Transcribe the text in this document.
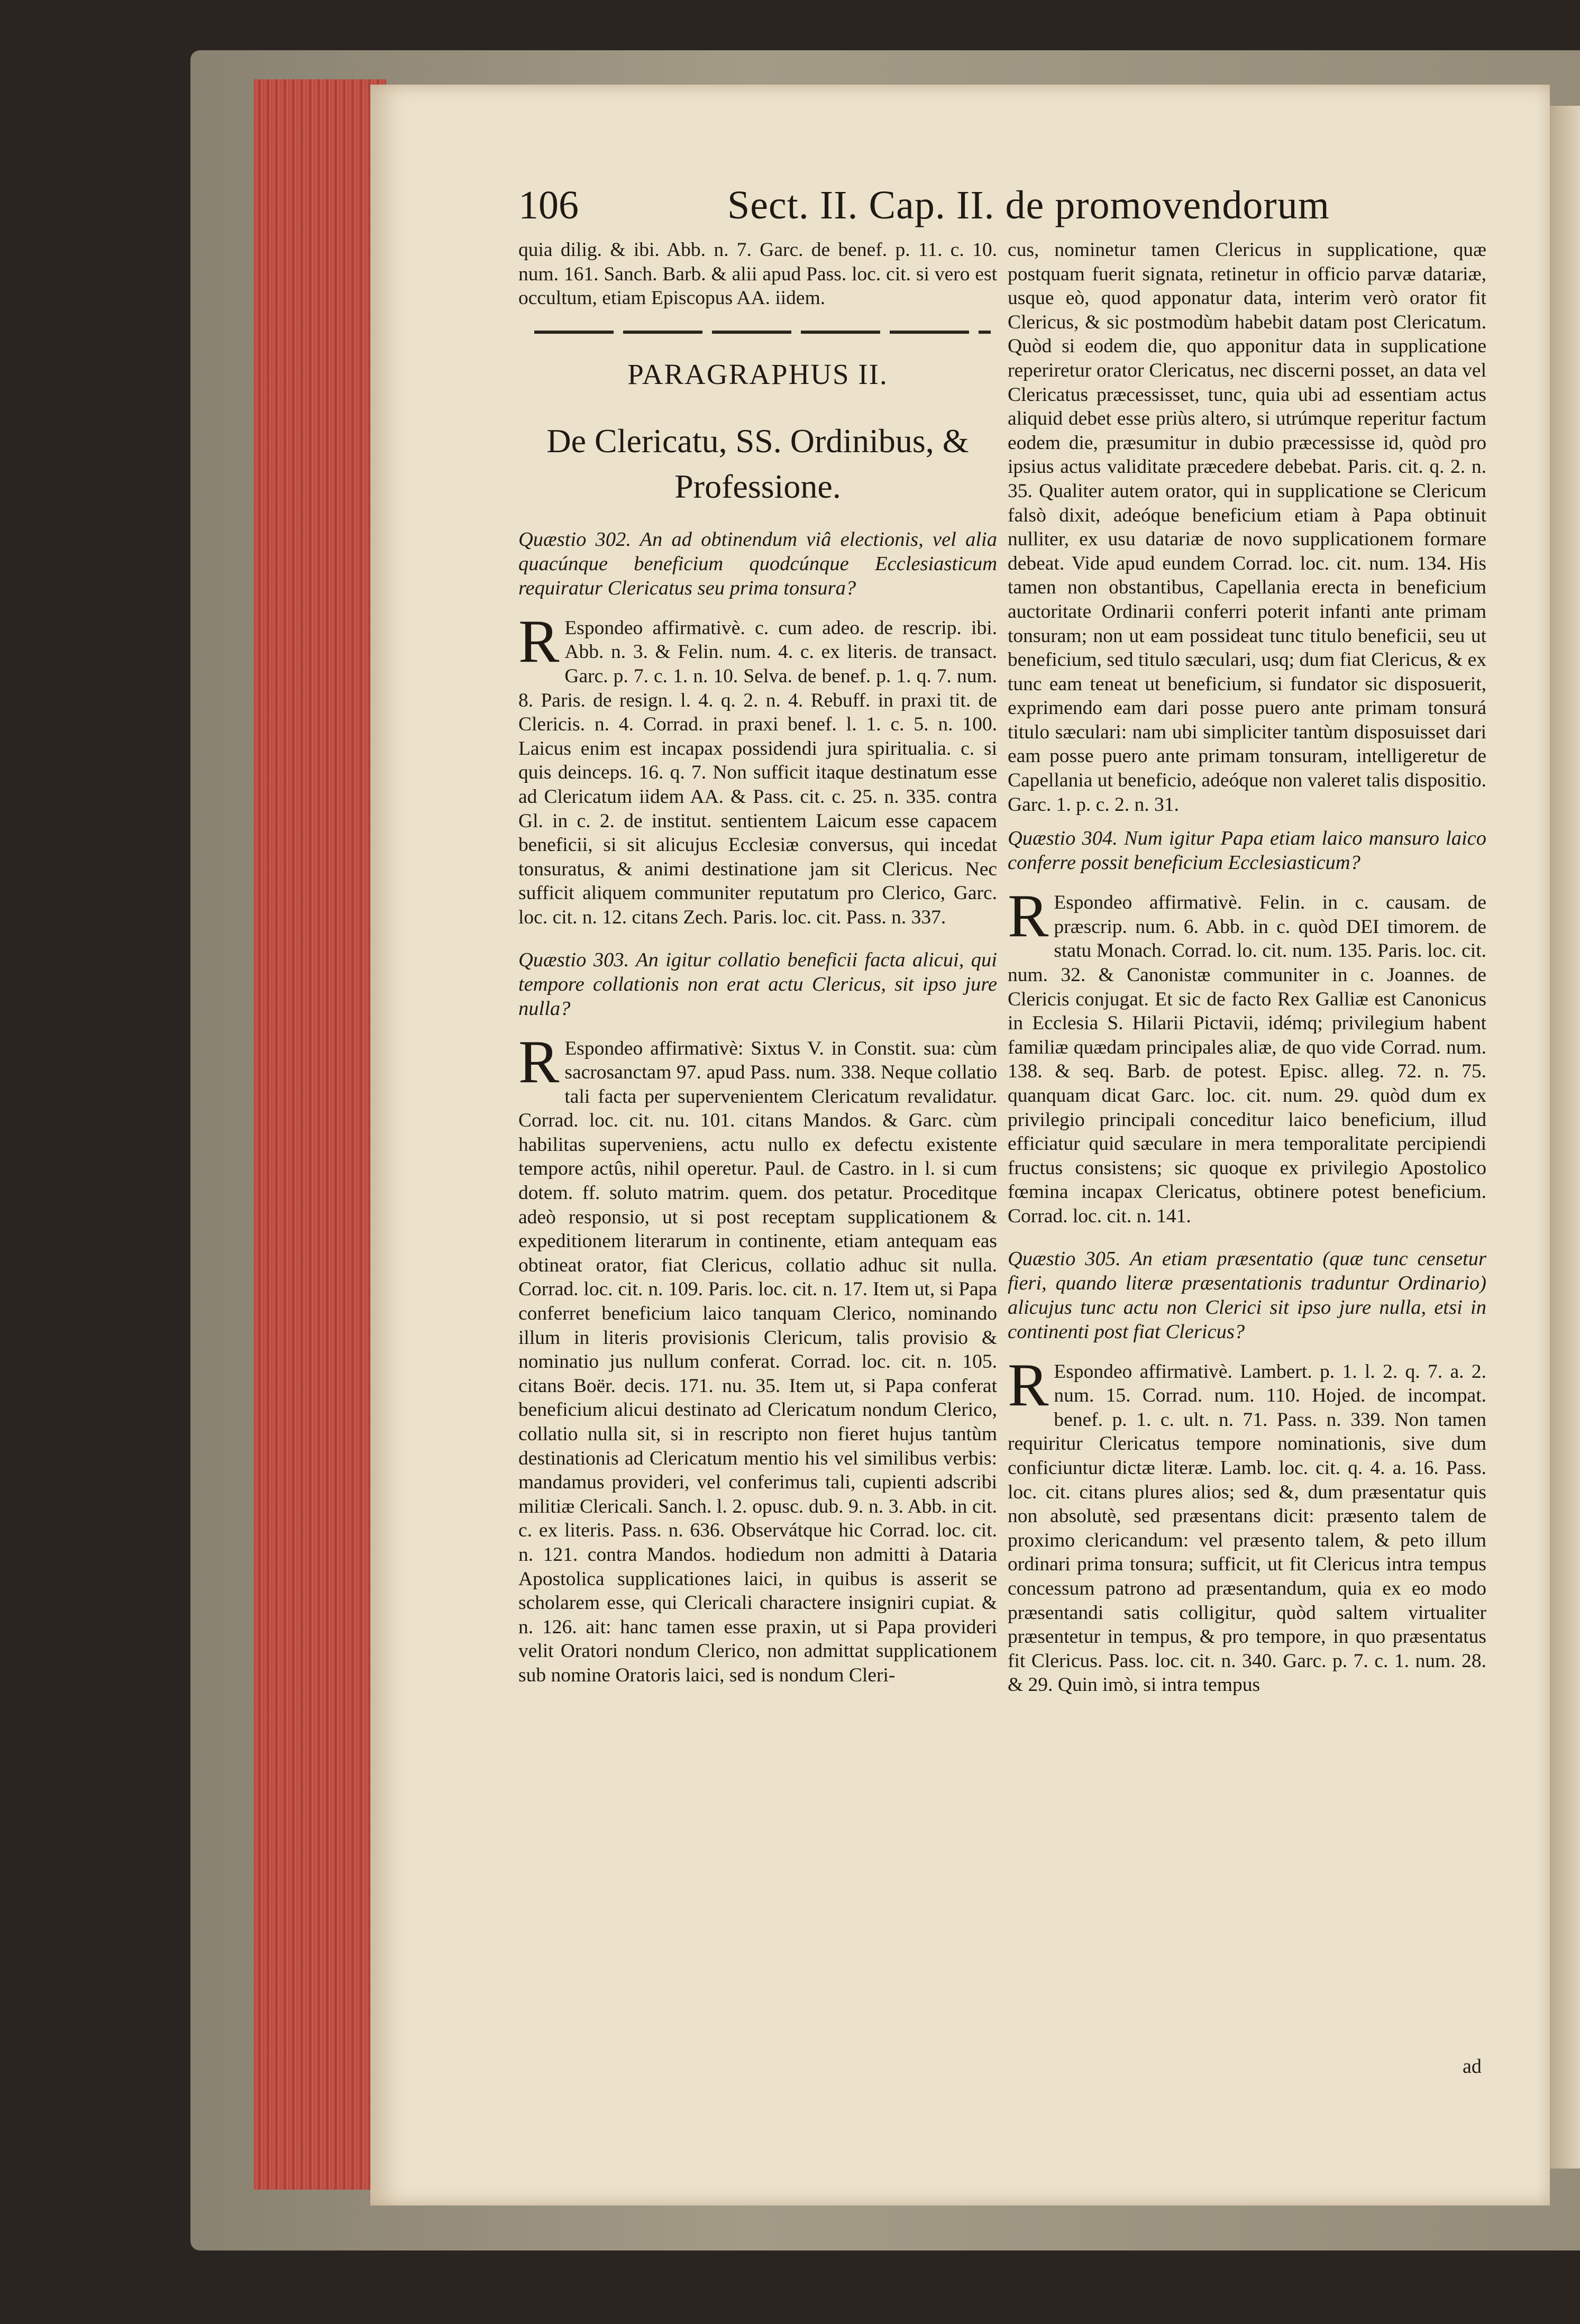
106	Sect. II. Cap. II. de promovendorum

quia dilig. & ibi. Abb. n. 7. Garc. de benef. p. 11. c. 10. num. 161. Sanch. Barb. & alii apud Pass. loc. cit. si vero est occultum, etiam Episcopus AA. iidem.

PARAGRAPHUS II.
De Clericatu, SS. Ordinibus, & Professione.

Quæstio 302. An ad obtinendum viâ electionis, vel alia quacúnque beneficium quodcúnque Ecclesiasticum requiratur Clericatus seu prima tonsura?

R Espondeo affirmativè. c. cum adeo. de rescrip. ibi. Abb. n. 3. & Felin. num. 4. c. ex literis. de transact. Garc. p. 7. c. 1. n. 10. Selva. de benef. p. 1. q. 7. num. 8. Paris. de resign. l. 4. q. 2. n. 4. Rebuff. in praxi tit. de Clericis. n. 4. Corrad. in praxi benef. l. 1. c. 5. n. 100. Laicus enim est incapax possidendi jura spiritualia. c. si quis deinceps. 16. q. 7. Non sufficit itaque destinatum esse ad Clericatum iidem AA. & Pass. cit. c. 25. n. 335. contra Gl. in c. 2. de institut. sentientem Laicum esse capacem beneficii, si sit alicujus Ecclesiæ conversus, qui incedat tonsuratus, & animi destinatione jam sit Clericus. Nec sufficit aliquem communiter reputatum pro Clerico, Garc. loc. cit. n. 12. citans Zech. Paris. loc. cit. Pass. n. 337.

Quæstio 303. An igitur collatio beneficii facta alicui, qui tempore collationis non erat actu Clericus, sit ipso jure nulla?

R Espondeo affirmativè: Sixtus V. in Constit. sua: cùm sacrosanctam 97. apud Pass. num. 338. Neque collatio tali facta per supervenientem Clericatum revalidatur. Corrad. loc. cit. nu. 101. citans Mandos. & Garc. cùm habilitas superveniens, actu nullo ex defectu existente tempore actûs, nihil operetur. Paul. de Castro. in l. si cum dotem. ff. soluto matrim. quem. dos petatur. Proceditque adeò responsio, ut si post receptam supplicationem & expeditionem literarum in continente, etiam antequam eas obtineat orator, fiat Clericus, collatio adhuc sit nulla. Corrad. loc. cit. n. 109. Paris. loc. cit. n. 17. Item ut, si Papa conferret beneficium laico tanquam Clerico, nominando illum in literis provisionis Clericum, talis provisio & nominatio jus nullum conferat. Corrad. loc. cit. n. 105. citans Boër. decis. 171. nu. 35. Item ut, si Papa conferat beneficium alicui destinato ad Clericatum nondum Clerico, collatio nulla sit, si in rescripto non fieret hujus tantùm destinationis ad Clericatum mentio his vel similibus verbis: mandamus provideri, vel conferimus tali, cupienti adscribi militiæ Clericali. Sanch. l. 2. opusc. dub. 9. n. 3. Abb. in cit. c. ex literis. Pass. n. 636. Observátque hic Corrad. loc. cit. n. 121. contra Mandos. hodiedum non admitti à Dataria Apostolica supplicationes laici, in quibus is asserit se scholarem esse, qui Clericali charactere insigniri cupiat. & n. 126. ait: hanc tamen esse praxin, ut si Papa provideri velit Oratori nondum Clerico, non admittat supplicationem sub nomine Oratoris laici, sed is nondum Cleri-

cus, nominetur tamen Clericus in supplicatione, quæ postquam fuerit signata, retinetur in officio parvæ datariæ, usque eò, quod apponatur data, interim verò orator fit Clericus, & sic postmodùm habebit datam post Clericatum. Quòd si eodem die, quo apponitur data in supplicatione reperiretur orator Clericatus, nec discerni posset, an data vel Clericatus præcessisset, tunc, quia ubi ad essentiam actus aliquid debet esse priùs altero, si utrúmque reperitur factum eodem die, præsumitur in dubio præcessisse id, quòd pro ipsius actus validitate præcedere debebat. Paris. cit. q. 2. n. 35. Qualiter autem orator, qui in supplicatione se Clericum falsò dixit, adeóque beneficium etiam à Papa obtinuit nulliter, ex usu datariæ de novo supplicationem formare debeat. Vide apud eundem Corrad. loc. cit. num. 134. His tamen non obstantibus, Capellania erecta in beneficium auctoritate Ordinarii conferri poterit infanti ante primam tonsuram; non ut eam possideat tunc titulo beneficii, seu ut beneficium, sed titulo sæculari, usq; dum fiat Clericus, & ex tunc eam teneat ut beneficium, si fundator sic disposuerit, exprimendo eam dari posse puero ante primam tonsurá titulo sæculari: nam ubi simpliciter tantùm disposuisset dari eam posse puero ante primam tonsuram, intelligeretur de Capellania ut beneficio, adeóque non valeret talis dispositio. Garc. 1. p. c. 2. n. 31.

Quæstio 304. Num igitur Papa etiam laico mansuro laico conferre possit beneficium Ecclesiasticum?

R Espondeo affirmativè. Felin. in c. causam. de præscrip. num. 6. Abb. in c. quòd DEI timorem. de statu Monach. Corrad. lo. cit. num. 135. Paris. loc. cit. num. 32. & Canonistæ communiter in c. Joannes. de Clericis conjugat. Et sic de facto Rex Galliæ est Canonicus in Ecclesia S. Hilarii Pictavii, idémq; privilegium habent familiæ quædam principales aliæ, de quo vide Corrad. num. 138. & seq. Barb. de potest. Episc. alleg. 72. n. 75. quanquam dicat Garc. loc. cit. num. 29. quòd dum ex privilegio principali conceditur laico beneficium, illud efficiatur quid sæculare in mera temporalitate percipiendi fructus consistens; sic quoque ex privilegio Apostolico fœmina incapax Clericatus, obtinere potest beneficium. Corrad. loc. cit. n. 141.

Quæstio 305. An etiam præsentatio (quæ tunc censetur fieri, quando literæ præsentationis traduntur Ordinario) alicujus tunc actu non Clerici sit ipso jure nulla, etsi in continenti post fiat Clericus?

R Espondeo affirmativè. Lambert. p. 1. l. 2. q. 7. a. 2. num. 15. Corrad. num. 110. Hojed. de incompat. benef. p. 1. c. ult. n. 71. Pass. n. 339. Non tamen requiritur Clericatus tempore nominationis, sive dum conficiuntur dictæ literæ. Lamb. loc. cit. q. 4. a. 16. Pass. loc. cit. citans plures alios; sed &, dum præsentatur quis non absolutè, sed præsentans dicit: præsento talem de proximo clericandum: vel præsento talem, & peto illum ordinari prima tonsura; sufficit, ut fit Clericus intra tempus concessum patrono ad præsentandum, quia ex eo modo præsentandi satis colligitur, quòd saltem virtualiter præsentetur in tempus, & pro tempore, in quo præsentatus fit Clericus. Pass. loc. cit. n. 340. Garc. p. 7. c. 1. num. 28. & 29. Quin imò, si intra tempus

ad
